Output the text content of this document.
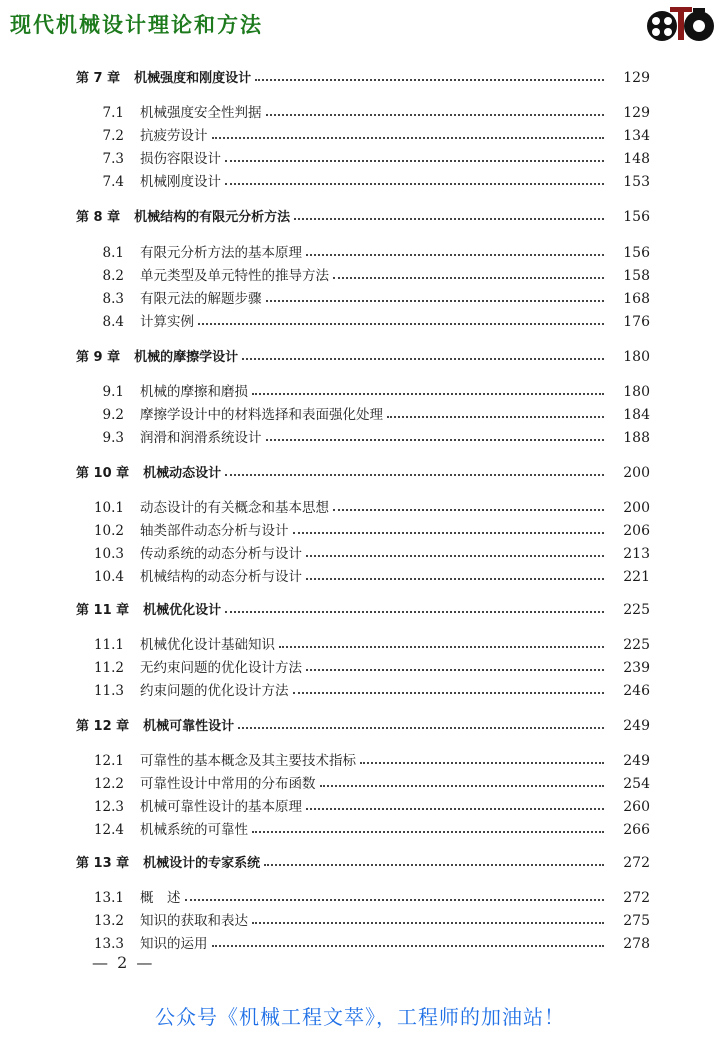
现代机械设计理论和方法
第 7 章 机械强度和刚度设计	129
7.1 机械强度安全性判据	129
7.2 抗疲劳设计	134
7.3 损伤容限设计	148
7.4 机械刚度设计	153
第 8 章 机械结构的有限元分析方法	156
8.1 有限元分析方法的基本原理	156
8.2 单元类型及单元特性的推导方法	158
8.3 有限元法的解题步骤	168
8.4 计算实例	176
第 9 章 机械的摩擦学设计	180
9.1 机械的摩擦和磨损	180
9.2 摩擦学设计中的材料选择和表面强化处理	184
9.3 润滑和润滑系统设计	188
第 10 章 机械动态设计	200
10.1 动态设计的有关概念和基本思想	200
10.2 轴类部件动态分析与设计	206
10.3 传动系统的动态分析与设计	213
10.4 机械结构的动态分析与设计	221
第 11 章 机械优化设计	225
11.1 机械优化设计基础知识	225
11.2 无约束问题的优化设计方法	239
11.3 约束问题的优化设计方法	246
第 12 章 机械可靠性设计	249
12.1 可靠性的基本概念及其主要技术指标	249
12.2 可靠性设计中常用的分布函数	254
12.3 机械可靠性设计的基本原理	260
12.4 机械系统的可靠性	266
第 13 章 机械设计的专家系统	272
13.1 概　述	272
13.2 知识的获取和表达	275
13.3 知识的运用	278
— 2 —
公众号《机械工程文萃》，工程师的加油站！
